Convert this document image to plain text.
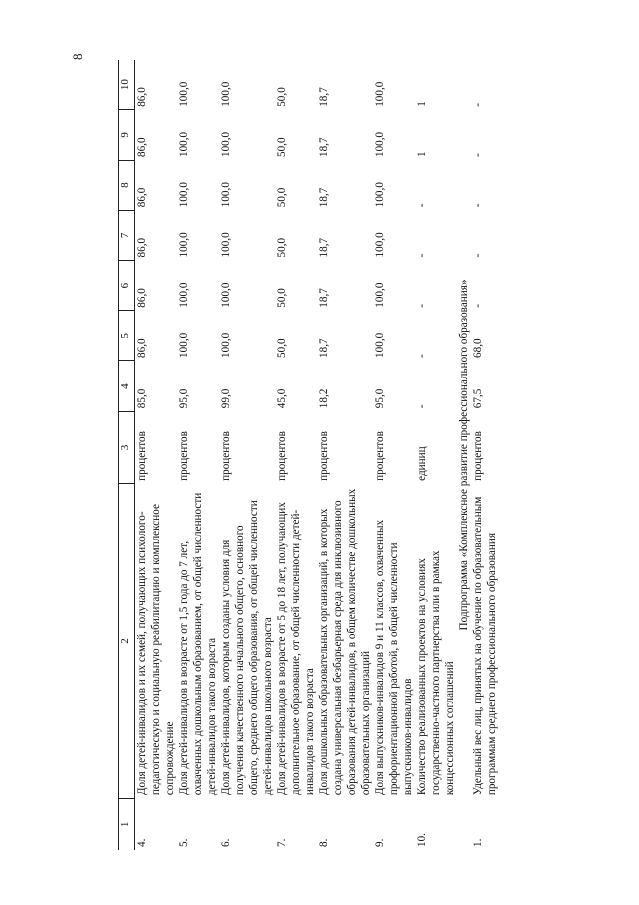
8
1	2	3	4	5	6	7	8	9	10
4.	Доля детей-инвалидов и их семей, получающих психолого-педагогическую и социальную реабилитацию и комплексное сопровождение	процентов	85,0	86,0	86,0	86,0	86,0	86,0	86,0
5.	Доля детей-инвалидов в возрасте от 1,5 года до 7 лет, охваченных дошкольным образованием, от общей численности детей-инвалидов такого возраста	процентов	95,0	100,0	100,0	100,0	100,0	100,0	100,0
6.	Доля детей-инвалидов, которым созданы условия для получения качественного начального общего, основного общего, среднего общего образования, от общей численности детей-инвалидов школьного возраста	процентов	99,0	100,0	100,0	100,0	100,0	100,0	100,0
7.	Доля детей-инвалидов в возрасте от 5 до 18 лет, получающих дополнительное образование, от общей численности детей-инвалидов такого возраста	процентов	45,0	50,0	50,0	50,0	50,0	50,0	50,0
8.	Доля дошкольных образовательных организаций, в которых создана универсальная безбарьерная среда для инклюзивного образования детей-инвалидов, в общем количестве дошкольных образовательных организаций	процентов	18,2	18,7	18,7	18,7	18,7	18,7	18,7
9.	Доля выпускников-инвалидов 9 и 11 классов, охваченных профориентационной работой, в общей численности выпускников-инвалидов	процентов	95,0	100,0	100,0	100,0	100,0	100,0	100,0
10.	Количество реализованных проектов на условиях государственно-частного партнерства или в рамках концессионных соглашений	единиц	-	-	-	-	-	1	1
Подпрограмма «Комплексное развитие профессионального образования»									
1.	Удельный вес лиц, принятых на обучение по образовательным программам среднего профессионального образования	процентов	67,5	68,0	-	-	-	-	-
